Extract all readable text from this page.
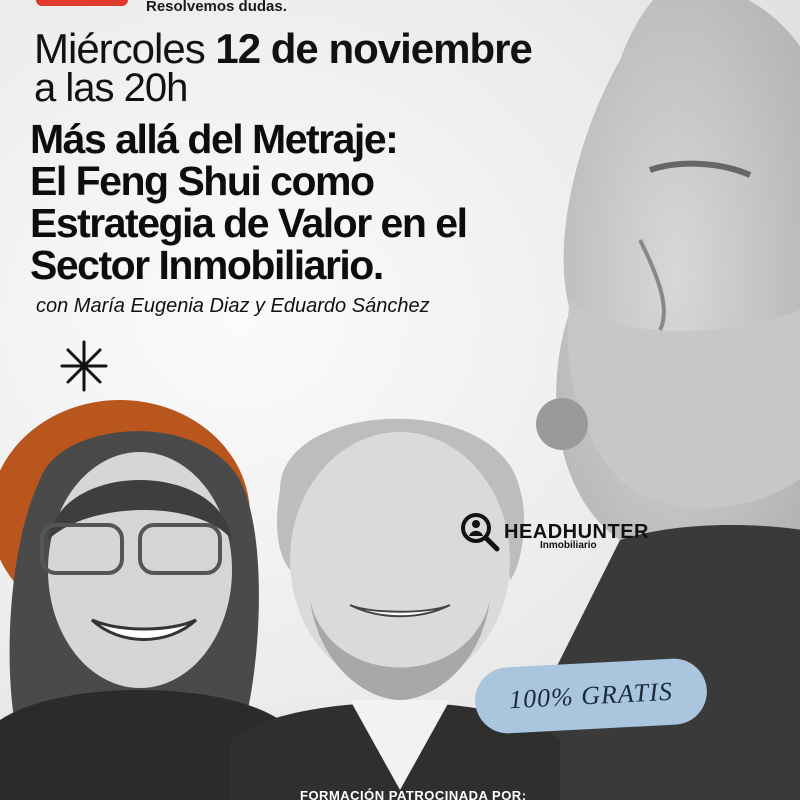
Resolvemos dudas.
Miércoles 12 de noviembre
a las 20h
Más allá del Metraje:
El Feng Shui como
Estrategia de Valor en el
Sector Inmobiliario.
con María Eugenia Diaz y Eduardo Sánchez
HEADHUNTER
Inmobiliario
100% GRATIS
FORMACIÓN PATROCINADA POR:
